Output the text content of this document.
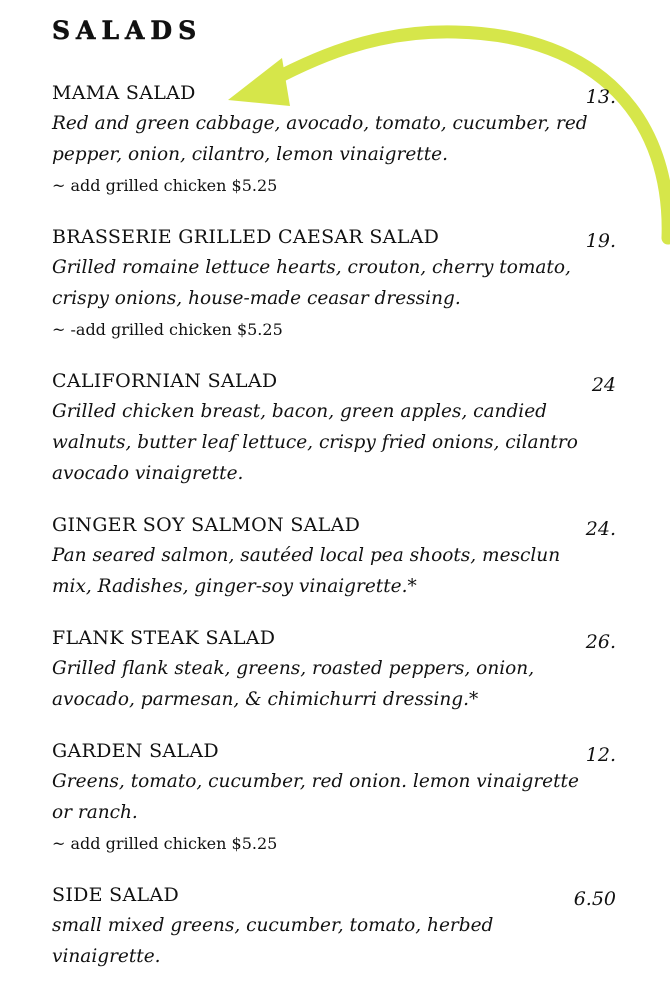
SALADS
MAMA SALAD	13.
Red and green cabbage, avocado, tomato, cucumber, red pepper, onion, cilantro, lemon vinaigrette.
~ add grilled chicken $5.25
BRASSERIE GRILLED CAESAR SALAD	19.
Grilled romaine lettuce hearts, crouton, cherry tomato, crispy onions, house-made ceasar dressing.
~ -add grilled chicken $5.25
CALIFORNIAN SALAD	24
Grilled chicken breast, bacon, green apples, candied walnuts, butter leaf lettuce, crispy fried onions, cilantro avocado vinaigrette.
GINGER SOY SALMON SALAD	24.
Pan seared salmon, sautéed local pea shoots, mesclun mix, Radishes, ginger-soy vinaigrette.*
FLANK STEAK SALAD	26.
Grilled flank steak, greens, roasted peppers, onion, avocado, parmesan, & chimichurri dressing.*
GARDEN SALAD	12.
Greens, tomato, cucumber, red onion. lemon vinaigrette or ranch.
~ add grilled chicken $5.25
SIDE SALAD	6.50
small mixed greens, cucumber, tomato, herbed vinaigrette.
